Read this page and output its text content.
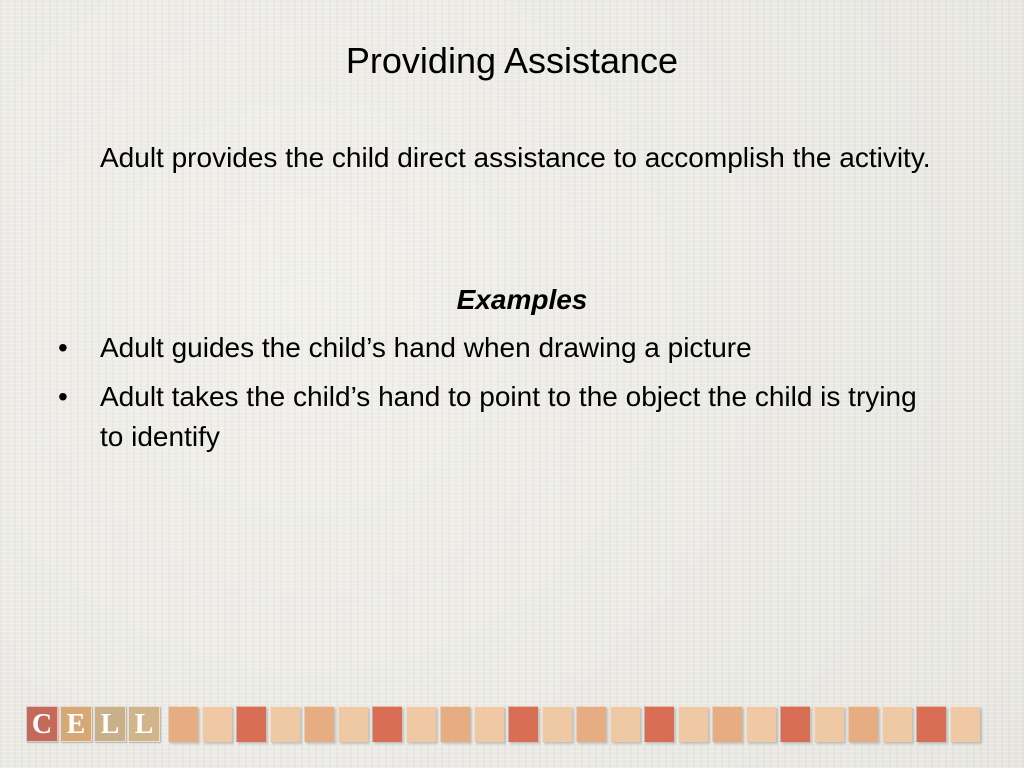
Providing Assistance

Adult provides the child direct assistance to accomplish the activity.

Examples

• Adult guides the child’s hand when drawing a picture
• Adult takes the child’s hand to point to the object the child is trying to identify
C E L L
